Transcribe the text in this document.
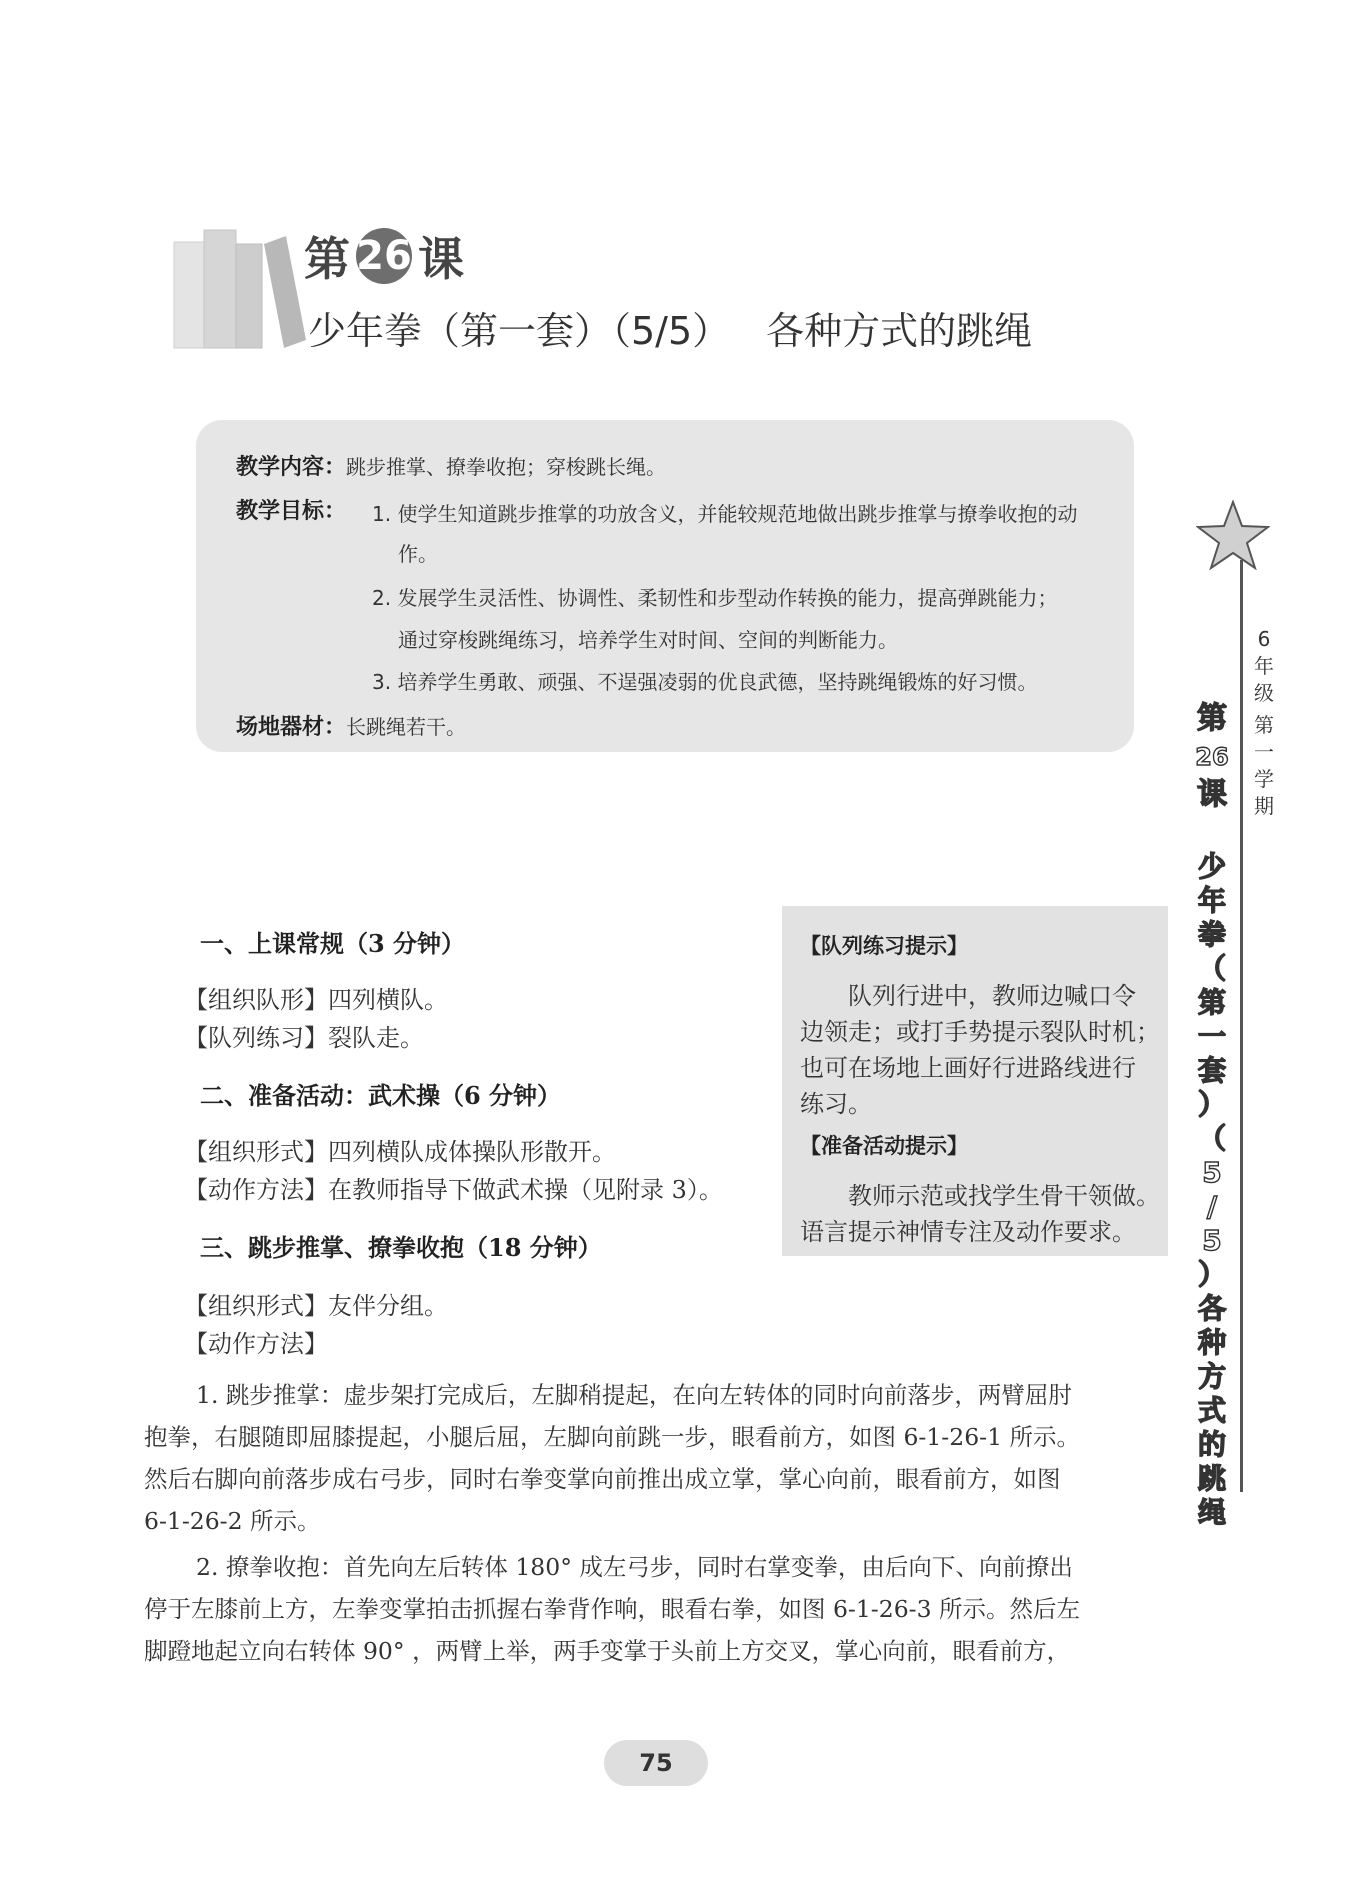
第 26 课
少年拳（第一套）（5/5） 各种方式的跳绳
教学内容：跳步推掌、撩拳收抱；穿梭跳长绳。
教学目标： 1. 使学生知道跳步推掌的功放含义，并能较规范地做出跳步推掌与撩拳收抱的动
作。
2. 发展学生灵活性、协调性、柔韧性和步型动作转换的能力，提高弹跳能力；
通过穿梭跳绳练习，培养学生对时间、空间的判断能力。
3. 培养学生勇敢、顽强、不逞强凌弱的优良武德，坚持跳绳锻炼的好习惯。
场地器材：长跳绳若干。
6
年
级
第
一
学
期
第
26
课
少
年
拳
（
第
一
套
）
（
5
/
5
）
各
种
方
式
的
跳
绳
一、上课常规（3 分钟）
【组织队形】四列横队。
【队列练习】裂队走。
二、准备活动：武术操（6 分钟）
【组织形式】四列横队成体操队形散开。
【动作方法】在教师指导下做武术操（见附录 3）。
三、跳步推掌、撩拳收抱（18 分钟）
【组织形式】友伴分组。
【动作方法】
1. 跳步推掌：虚步架打完成后，左脚稍提起，在向左转体的同时向前落步，两臂屈肘
抱拳，右腿随即屈膝提起，小腿后屈，左脚向前跳一步，眼看前方，如图 6-1-26-1 所示。
然后右脚向前落步成右弓步，同时右拳变掌向前推出成立掌，掌心向前，眼看前方，如图
6-1-26-2 所示。
2. 撩拳收抱：首先向左后转体 180° 成左弓步，同时右掌变拳，由后向下、向前撩出
停于左膝前上方，左拳变掌拍击抓握右拳背作响，眼看右拳，如图 6-1-26-3 所示。然后左
脚蹬地起立向右转体 90° ，两臂上举，两手变掌于头前上方交叉，掌心向前，眼看前方，
【队列练习提示】
队列行进中，教师边喊口令
边领走；或打手势提示裂队时机；
也可在场地上画好行进路线进行
练习。
【准备活动提示】
教师示范或找学生骨干领做。
语言提示神情专注及动作要求。
75
